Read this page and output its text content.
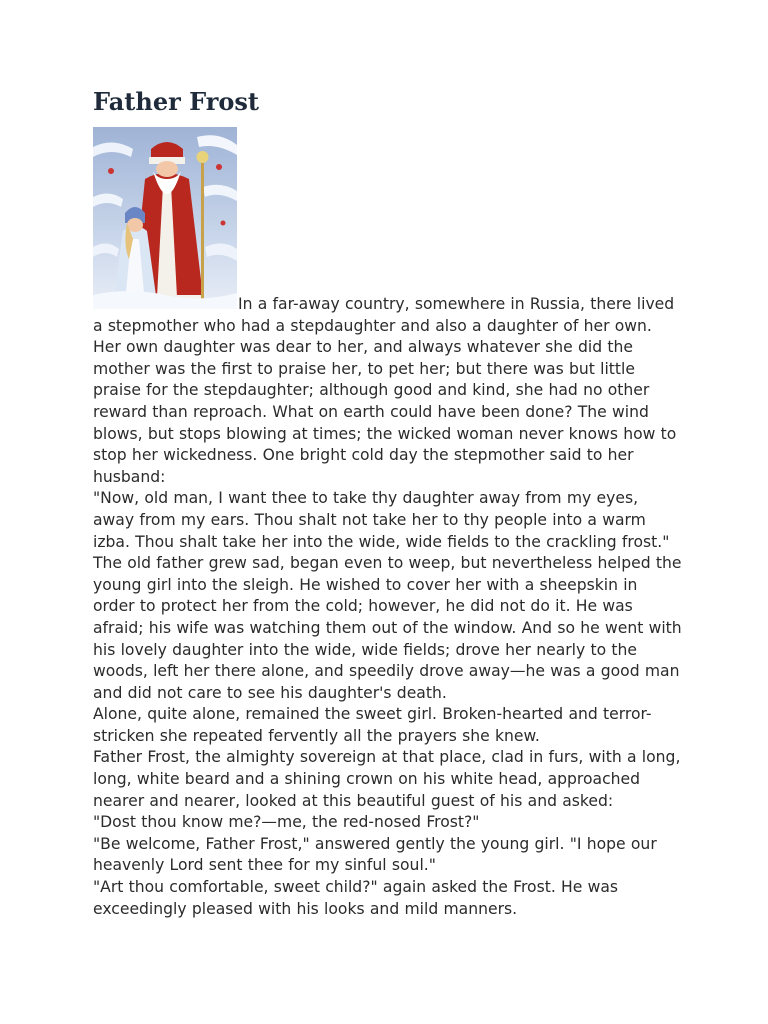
Father Frost

In a far-away country, somewhere in Russia, there lived a stepmother who had a stepdaughter and also a daughter of her own. Her own daughter was dear to her, and always whatever she did the mother was the first to praise her, to pet her; but there was but little praise for the stepdaughter; although good and kind, she had no other reward than reproach. What on earth could have been done? The wind blows, but stops blowing at times; the wicked woman never knows how to stop her wickedness. One bright cold day the stepmother said to her husband:

"Now, old man, I want thee to take thy daughter away from my eyes, away from my ears. Thou shalt not take her to thy people into a warm izba. Thou shalt take her into the wide, wide fields to the crackling frost."

The old father grew sad, began even to weep, but nevertheless helped the young girl into the sleigh. He wished to cover her with a sheepskin in order to protect her from the cold; however, he did not do it. He was afraid; his wife was watching them out of the window. And so he went with his lovely daughter into the wide, wide fields; drove her nearly to the woods, left her there alone, and speedily drove away—he was a good man and did not care to see his daughter's death.

Alone, quite alone, remained the sweet girl. Broken-hearted and terror-stricken she repeated fervently all the prayers she knew.

Father Frost, the almighty sovereign at that place, clad in furs, with a long, long, white beard and a shining crown on his white head, approached nearer and nearer, looked at this beautiful guest of his and asked:

"Dost thou know me?—me, the red-nosed Frost?"

"Be welcome, Father Frost," answered gently the young girl. "I hope our heavenly Lord sent thee for my sinful soul."

"Art thou comfortable, sweet child?" again asked the Frost. He was exceedingly pleased with his looks and mild manners.
